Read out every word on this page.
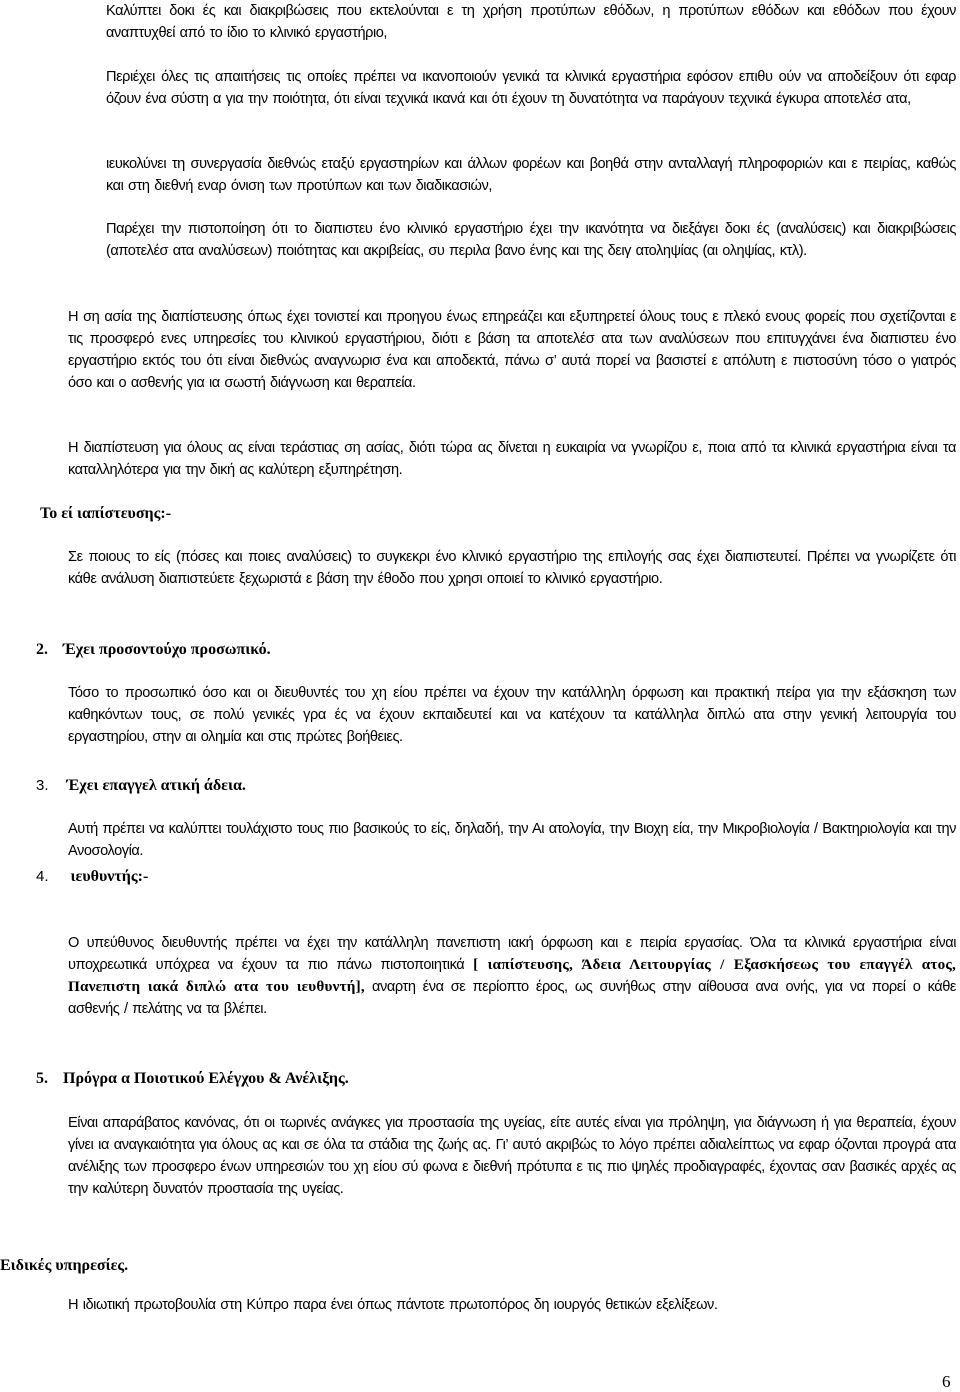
Καλύπτει δοκι ές και διακριβώσεις που εκτελούνται ε τη χρήση προτύπων εθόδων, η προτύπων εθόδων και εθόδων που έχουν αναπτυχθεί από το ίδιο το κλινικό εργαστήριο,
Περιέχει όλες τις απαιτήσεις τις οποίες πρέπει να ικανοποιούν γενικά τα κλινικά εργαστήρια εφόσον επιθυ ούν να αποδείξουν ότι εφαρ όζουν ένα σύστη α για την ποιότητα, ότι είναι τεχνικά ικανά και ότι έχουν τη δυνατότητα να παράγουν τεχνικά έγκυρα αποτελέσ ατα,
ιευκολύνει τη συνεργασία διεθνώς εταξύ εργαστηρίων και άλλων φορέων και βοηθά στην ανταλλαγή πληροφοριών και ε πειρίας, καθώς και στη διεθνή εναρ όνιση των προτύπων και των διαδικασιών,
Παρέχει την πιστοποίηση ότι το διαπιστευ ένο κλινικό εργαστήριο έχει την ικανότητα να διεξάγει δοκι ές (αναλύσεις) και διακριβώσεις (αποτελέσ ατα αναλύσεων) ποιότητας και ακριβείας, συ περιλα βανο ένης και της δειγ ατοληψίας (αι οληψίας, κτλ).
Η ση ασία της διαπίστευσης όπως έχει τονιστεί και προηγου ένως επηρεάζει και εξυπηρετεί όλους τους ε πλεκό ενους φορείς που σχετίζονται ε τις προσφερό ενες υπηρεσίες του κλινικού εργαστήριου, διότι ε βάση τα αποτελέσ ατα των αναλύσεων που επιτυγχάνει ένα διαπιστευ ένο εργαστήριο εκτός του ότι είναι διεθνώς αναγνωρισ ένα και αποδεκτά, πάνω σ’ αυτά πορεί να βασιστεί ε απόλυτη ε πιστοσύνη τόσο ο γιατρός όσο και ο ασθενής για ια σωστή διάγνωση και θεραπεία.
Η διαπίστευση για όλους ας είναι τεράστιας ση ασίας, διότι τώρα ας δίνεται η ευκαιρία να γνωρίζου ε, ποια από τα κλινικά εργαστήρια είναι τα καταλληλότερα για την δική ας καλύτερη εξυπηρέτηση.
Το εί ιαπίστευσης:-
Σε ποιους το είς (πόσες και ποιες αναλύσεις) το συγκεκρι ένο κλινικό εργαστήριο της επιλογής σας έχει διαπιστευτεί. Πρέπει να γνωρίζετε ότι κάθε ανάλυση διαπιστεύετε ξεχωριστά ε βάση την έθοδο που χρησι οποιεί το κλινικό εργαστήριο.
2. Έχει προσοντούχο προσωπικό.
Τόσο το προσωπικό όσο και οι διευθυντές του χη είου πρέπει να έχουν την κατάλληλη όρφωση και πρακτική πείρα για την εξάσκηση των καθηκόντων τους, σε πολύ γενικές γρα ές να έχουν εκπαιδευτεί και να κατέχουν τα κατάλληλα διπλώ ατα στην γενική λειτουργία του εργαστηρίου, στην αι ολημία και στις πρώτες βοήθειες.
3. Έχει επαγγελ ατική άδεια.
Αυτή πρέπει να καλύπτει τουλάχιστο τους πιο βασικούς το είς, δηλαδή, την Αι ατολογία, την Βιοχη εία, την Μικροβιολογία / Βακτηριολογία και την Ανοσολογία.
4. ιευθυντής:-
Ο υπεύθυνος διευθυντής πρέπει να έχει την κατάλληλη πανεπιστη ιακή όρφωση και ε πειρία εργασίας. Όλα τα κλινικά εργαστήρια είναι υποχρεωτικά υπόχρεα να έχουν τα πιο πάνω πιστοποιητικά [ ιαπίστευσης, Άδεια Λειτουργίας / Εξασκήσεως του επαγγέλ ατος, Πανεπιστη ιακά διπλώ ατα του ιευθυντή], αναρτη ένα σε περίοπτο έρος, ως συνήθως στην αίθουσα ανα ονής, για να πορεί ο κάθε ασθενής / πελάτης να τα βλέπει.
5. Πρόγρα α Ποιοτικού Ελέγχου & Ανέλιξης.
Είναι απαράβατος κανόνας, ότι οι τωρινές ανάγκες για προστασία της υγείας, είτε αυτές είναι για πρόληψη, για διάγνωση ή για θεραπεία, έχουν γίνει ια αναγκαιότητα για όλους ας και σε όλα τα στάδια της ζωής ας. Γι’ αυτό ακριβώς το λόγο πρέπει αδιαλείπτως να εφαρ όζονται προγρά ατα ανέλιξης των προσφερο ένων υπηρεσιών του χη είου σύ φωνα ε διεθνή πρότυπα ε τις πιο ψηλές προδιαγραφές, έχοντας σαν βασικές αρχές ας την καλύτερη δυνατόν προστασία της υγείας.
Ειδικές υπηρεσίες.
Η ιδιωτική πρωτοβουλία στη Κύπρο παρα ένει όπως πάντοτε πρωτοπόρος δη ιουργός θετικών εξελίξεων.
6
